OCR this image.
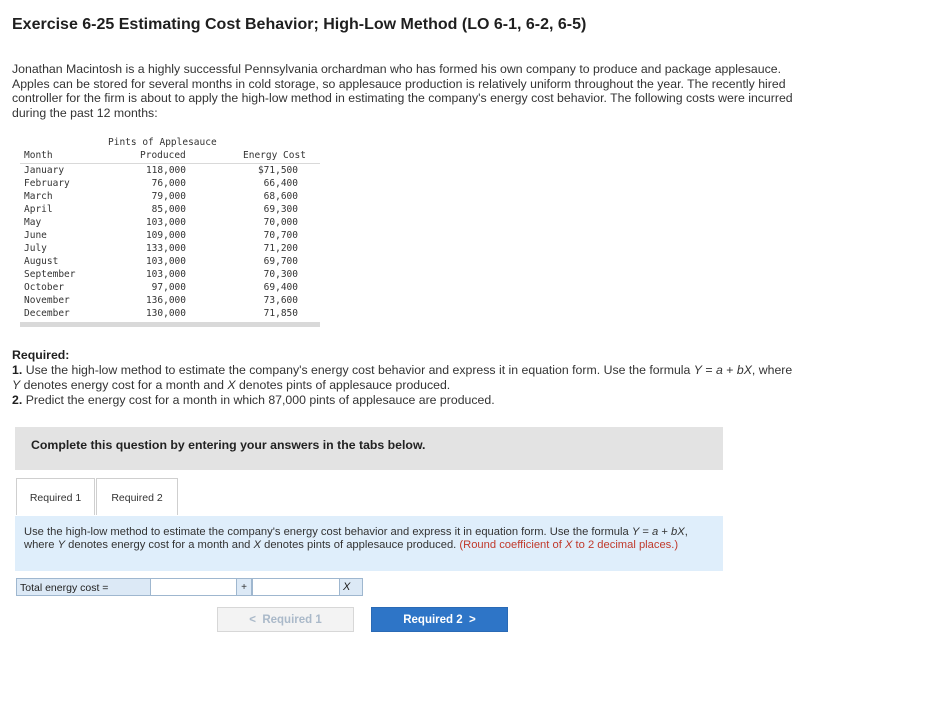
Exercise 6-25 Estimating Cost Behavior; High-Low Method (LO 6-1, 6-2, 6-5)
Jonathan Macintosh is a highly successful Pennsylvania orchardman who has formed his own company to produce and package applesauce. Apples can be stored for several months in cold storage, so applesauce production is relatively uniform throughout the year. The recently hired controller for the firm is about to apply the high-low method in estimating the company's energy cost behavior. The following costs were incurred during the past 12 months:
Pints of Applesauce
Month	Produced	Energy Cost
January	118,000	$71,500
February	76,000	66,400
March	79,000	68,600
April	85,000	69,300
May	103,000	70,000
June	109,000	70,700
July	133,000	71,200
August	103,000	69,700
September	103,000	70,300
October	97,000	69,400
November	136,000	73,600
December	130,000	71,850
Required:
1. Use the high-low method to estimate the company's energy cost behavior and express it in equation form. Use the formula Y = a + bX, where Y denotes energy cost for a month and X denotes pints of applesauce produced.
2. Predict the energy cost for a month in which 87,000 pints of applesauce are produced.
Complete this question by entering your answers in the tabs below.
Required 1	Required 2
Use the high-low method to estimate the company's energy cost behavior and express it in equation form. Use the formula Y = a + bX, where Y denotes energy cost for a month and X denotes pints of applesauce produced. (Round coefficient of X to 2 decimal places.)
Total energy cost =	+	X
< Required 1	Required 2 >
